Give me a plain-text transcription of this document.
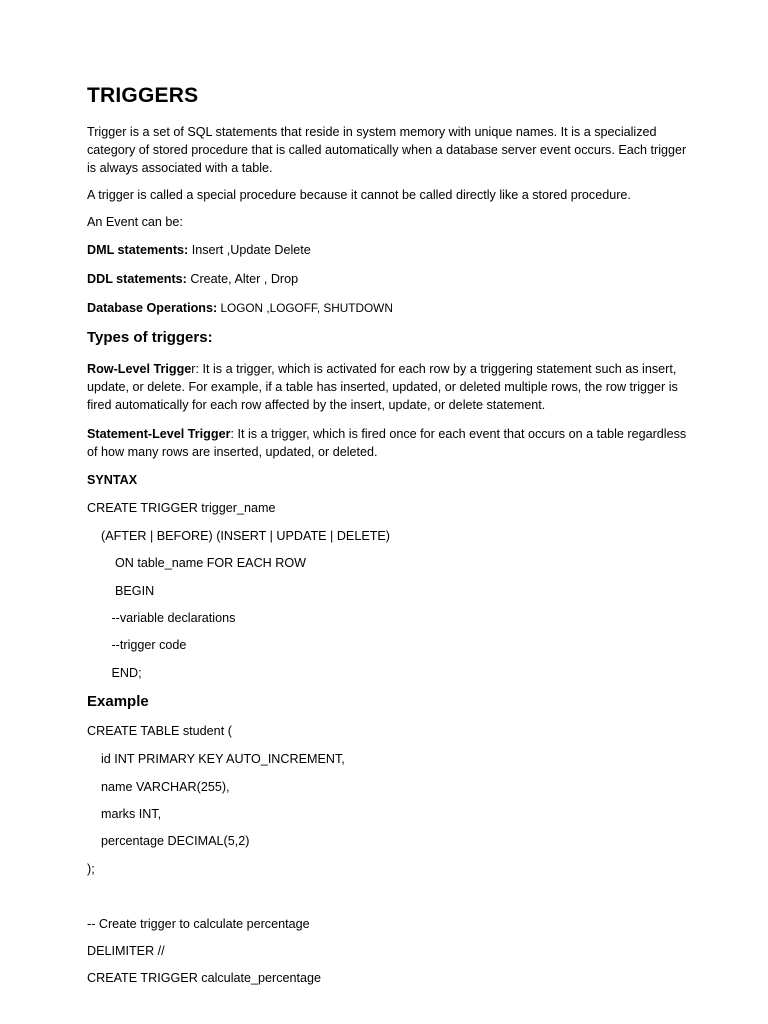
TRIGGERS

Trigger is a set of SQL statements that reside in system memory with unique names. It is a specialized category of stored procedure that is called automatically when a database server event occurs. Each trigger is always associated with a table.

A trigger is called a special procedure because it cannot be called directly like a stored procedure.

An Event can be:

DML statements: Insert ,Update Delete

DDL statements: Create, Alter , Drop

Database Operations: LOGON ,LOGOFF, SHUTDOWN

Types of triggers:

Row-Level Trigger: It is a trigger, which is activated for each row by a triggering statement such as insert, update, or delete. For example, if a table has inserted, updated, or deleted multiple rows, the row trigger is fired automatically for each row affected by the insert, update, or delete statement.

Statement-Level Trigger: It is a trigger, which is fired once for each event that occurs on a table regardless of how many rows are inserted, updated, or deleted.

SYNTAX

CREATE TRIGGER trigger_name

(AFTER | BEFORE) (INSERT | UPDATE | DELETE)

ON table_name FOR EACH ROW

BEGIN

--variable declarations

--trigger code

END;

Example

CREATE TABLE student (

id INT PRIMARY KEY AUTO_INCREMENT,

name VARCHAR(255),

marks INT,

percentage DECIMAL(5,2)

);

-- Create trigger to calculate percentage

DELIMITER //

CREATE TRIGGER calculate_percentage
